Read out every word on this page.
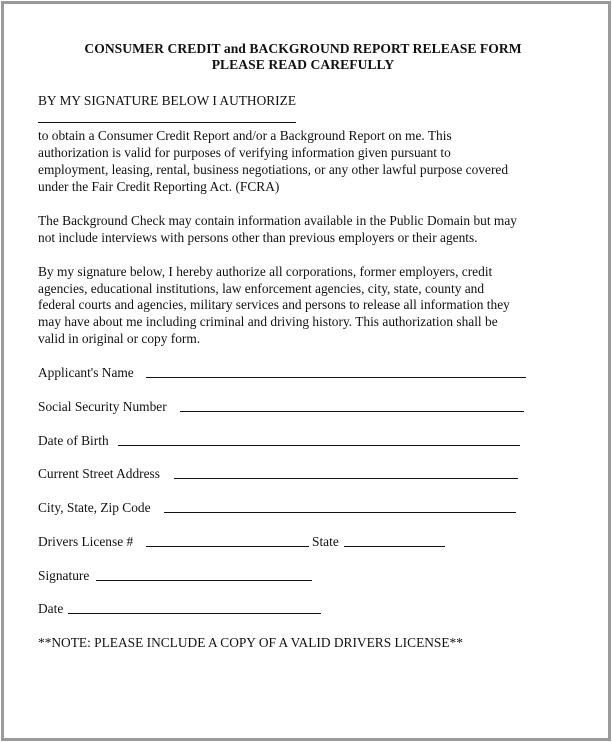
CONSUMER CREDIT and BACKGROUND REPORT RELEASE FORM
PLEASE READ CAREFULLY
BY MY SIGNATURE BELOW I AUTHORIZE
to obtain a Consumer Credit Report and/or a Background Report on me. This
authorization is valid for purposes of verifying information given pursuant to
employment, leasing, rental, business negotiations, or any other lawful purpose covered
under the Fair Credit Reporting Act. (FCRA)
The Background Check may contain information available in the Public Domain but may
not include interviews with persons other than previous employers or their agents.
By my signature below, I hereby authorize all corporations, former employers, credit
agencies, educational institutions, law enforcement agencies, city, state, county and
federal courts and agencies, military services and persons to release all information they
may have about me including criminal and driving history. This authorization shall be
valid in original or copy form.
Applicant's Name
Social Security Number
Date of Birth
Current Street Address
City, State, Zip Code
Drivers License #	State
Signature
Date
**NOTE: PLEASE INCLUDE A COPY OF A VALID DRIVERS LICENSE**
